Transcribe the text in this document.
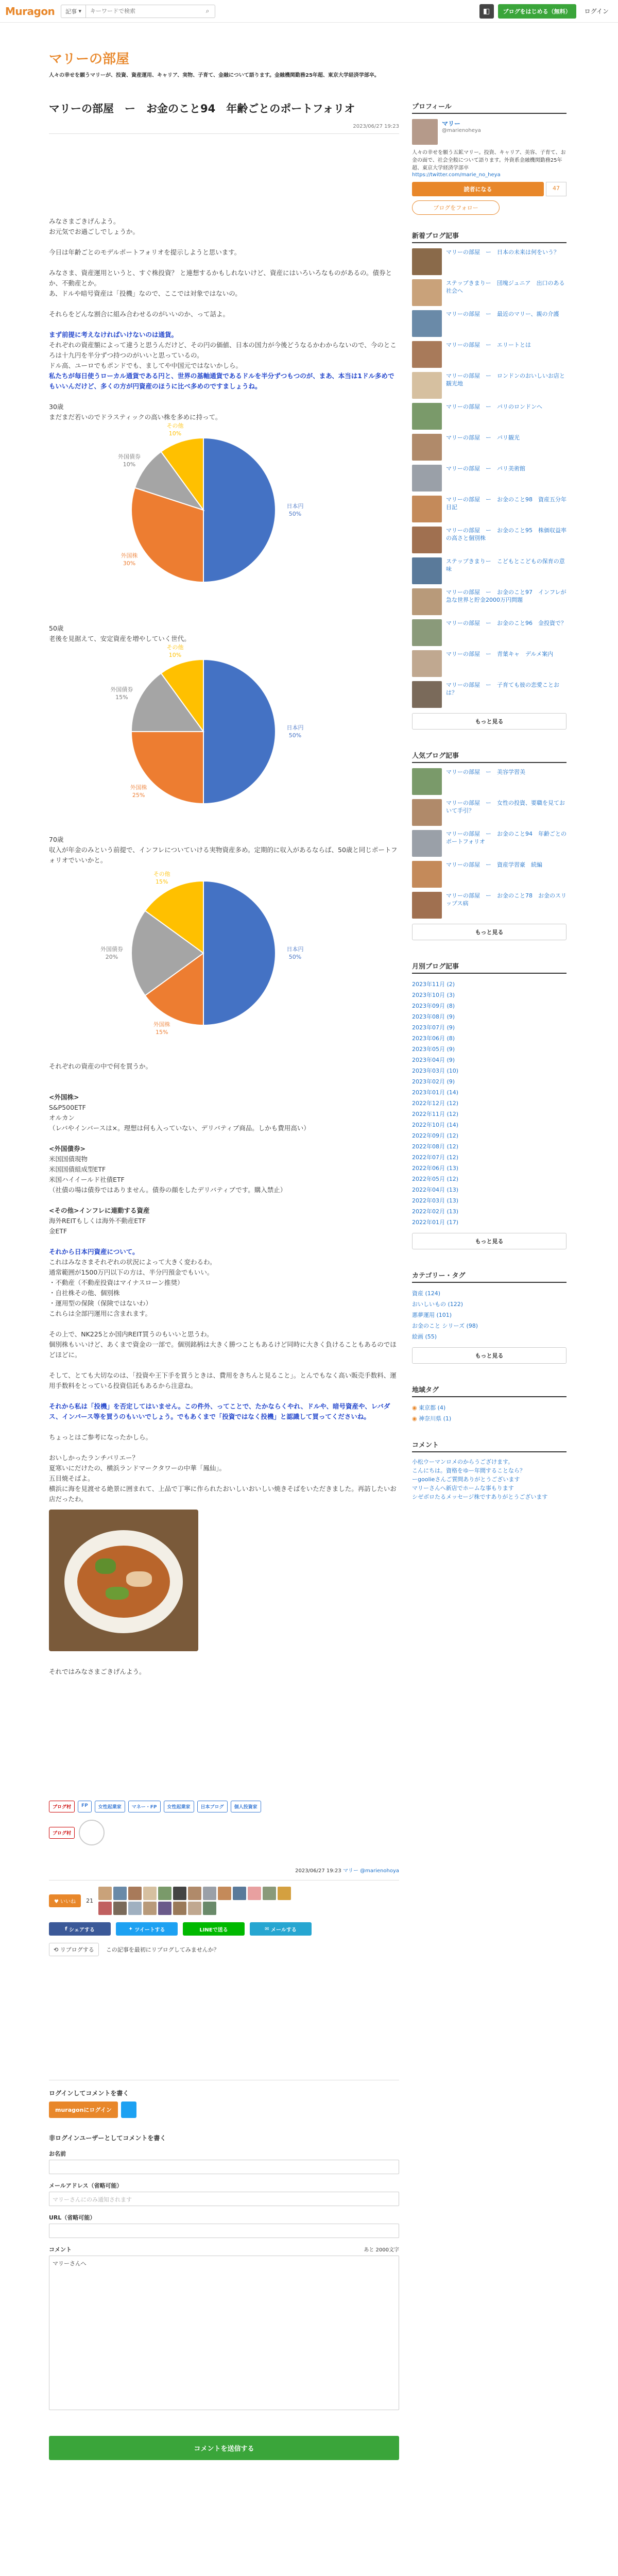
Muragon	記事 ▾
キーワードで検索	⌕	◧	ブログをはじめる（無料）	ログイン
マリーの部屋

人々の幸せを願うマリーが、投資、資産運用、キャリア、実物、子育て、金融について語ります。金融機関勤務25年超、東京大学経済学部卒。

マリーの部屋　ー　お金のこと94　年齢ごとのポートフォリオ
2023/06/27 19:23
みなさまごきげんよう。
お元気でお過ごしでしょうか。
今日は年齢ごとのモデルポートフォリオを提示しようと思います。
みなさま、資産運用というと、すぐ株投資？ と連想するかもしれないけど、資産にはいろいろなものがあるの。債券とか、不動産とか。
あ、ドルや暗号資産は「投機」なので、ここでは対象ではないの。
それらをどんな割合に組み合わせるのがいいのか、って話よ。
まず前提に考えなければいけないのは通貨。
それぞれの資産額によって違うと思うんだけど、その円の価値、日本の国力が今後どうなるかわからないので、今のところは十九円を半分ずつ持つのがいいと思っているの。
ドル高、ユーロでもポンドでも、ましてや中国元ではないかしら。
私たちが毎日使うローカル通貨である円と、世界の基軸通貨であるドルを半分ずつもつのが、まあ、本当は1ドル多めでもいいんだけど、多くの方が円資産のほうに比べ多めのですましょうね。
30歳
まだまだ若いのでドラスティックの高い株を多めに持って。
日本円
50%
外国株
30%
外国債券
10%
その他
10%
50歳
老後を見据えて、安定資産を増やしていく世代。
日本円
50%
外国株
25%
外国債券
15%
その他
10%
70歳
収入が年金のみという前提で、インフレについていける実物資産多め。定期的に収入があるならば、50歳と同じポートフォリオでいいかと。
日本円
50%
外国株
15%
外国債券
20%
その他
15%
それぞれの資産の中で何を買うか。
<外国株>
S&P500ETF
オルカン
（レバやインバースは×。理想は何も入っていない、デリバティブ商品。しかも費用高い）
<外国債券>
米国国債現物
米国国債組成型ETF
米国ハイイールド社債ETF
（社債の場は債券ではありません。債券の顔をしたデリバティブです。購入禁止）
<その他>インフレに連動する資産
海外REITもしくは海外不動産ETF
金ETF
それから日本円資産について。
これはみなさまそれぞれの状況によって大きく変わるわ。
通常範囲が1500万円以下の方は、半分円預金でもいい。
・不動産（不動産投資はマイナスローン推奨）
・自社株その他、個別株
・運用型の保険（保険ではないわ）
これらは全部円運用に含まれます。
その上で、NK225とか国内REIT買うのもいいと思うわ。
個別株もいいけど、あくまで資金の一部で。個別銘柄は大きく勝つこともあるけど同時に大きく負けることもあるのでほどほどに。
そして、とても大切なのは、「投資や王下手を買うときは、費用をきちんと見ること」。とんでもなく高い販売手数料、運用手数料をとっている投資信託もあるから注意ね。
それから私は「投機」を否定してはいません。この件外、ってことで、たかならくやれ、ドルや、暗号資産や、レバダス、インバース等を買うのもいいでしょう。でもあくまで「投資ではなく投機」と認識して買ってくださいね。
ちょっとはご参考になったかしら。
おいしかったランチバリエー？
夏寒いにだけたの、横浜ランドマークタワーの中華「鳳仙」。
五目焼そばよ。
横浜に海を見渡せる絶景に囲まれて、上品で丁寧に作られたおいしいおいしい焼きそばをいただきました。再訪したいお店だったわ。
それではみなさまごきげんよう。
ブログ村	FP	女性起業家	マネー・FP	女性起業家	日本ブログ	個人投資家
ブログ村
2023/06/27 19:23 マリー @marienohoya
♥ いいね	21
f シェアする	✦ ツイートする	LINEで送る	✉ メールする
⟲ リブログする	この記事を最初にリブログしてみませんか？
ログインしてコメントを書く
muragonにログイン
非ログインユーザーとしてコメントを書く
お名前
メールアドレス（省略可能）
マリーさんにのみ通知されます
URL（省略可能）
コメント	あと 2000文字
マリーさんへ
コメントを送信する
プロフィール
マリー
@marienoheya
人々の幸せを願う五鉱マリー。投資、キャリア、美容、子育て、お金の面で、社会全般について語ります。外資系金融機関勤務25年超、東京大学経済学部卒
https://twitter.com/marie_no_heya
読者になる	47
ブログをフォロー
新着ブログ記事
マリーの部屋　ー　日本の未来は何をいう？
ステップきまりー　団塊ジュニア　出口のある社会へ
マリーの部屋　ー　最近のマリー、親の介護
マリーの部屋　ー　エリートとは
マリーの部屋　ー　ロンドンのおいしいお店と観光地
マリーの部屋　ー　パリのロンドンへ
マリーの部屋　ー　パリ観光
マリーの部屋　ー　パリ美術館
マリーの部屋　ー　お金のこと98　資産五分年目記
マリーの部屋　ー　お金のこと95　株価収益率の高さと個別株
ステップきまりー　こどもとこどもの保育の意味
マリーの部屋　ー　お金のこと97　インフレが急な世界と貯金2000万円問題
マリーの部屋　ー　お金のこと96　金投資で？
マリーの部屋　ー　青葉キャ　デルメ案内
マリーの部屋　ー　子育ても彼の恋愛ことおは？
もっと見る
人気ブログ記事
マリーの部屋　ー　美容学習美
マリーの部屋　ー　女性の投資、要職を見ておいて手引？
マリーの部屋　ー　お金のこと94　年齢ごとのポートフォリオ
マリーの部屋　ー　資産学習豪　続編
マリーの部屋　ー　お金のこと78　お金のスリップス病
もっと見る
月別ブログ記事
2023年11月 (2)
2023年10月 (3)
2023年09月 (8)
2023年08月 (9)
2023年07月 (9)
2023年06月 (8)
2023年05月 (9)
2023年04月 (9)
2023年03月 (10)
2023年02月 (9)
2023年01月 (14)
2022年12月 (12)
2022年11月 (12)
2022年10月 (14)
2022年09月 (12)
2022年08月 (12)
2022年07月 (12)
2022年06月 (13)
2022年05月 (12)
2022年04月 (13)
2022年03月 (13)
2022年02月 (13)
2022年01月 (17)
もっと見る
カテゴリー・タグ
資産 (124)
おいしいもの (122)
悪夢運用 (101)
お金のこと シリーズ (98)
絵画 (55)
もっと見る
地域タグ
◉ 東京都 (4)
◉ 神奈川県 (1)
コメント
小松ウーマンロメのからうござけます。
こんにちは。資格をゆー年間することなら？
ーgoolieさんご質問ありがとうございます
マリーさんへ新店でホームな事もります
シゼボロたるメッセージ株ですありがとうございます
